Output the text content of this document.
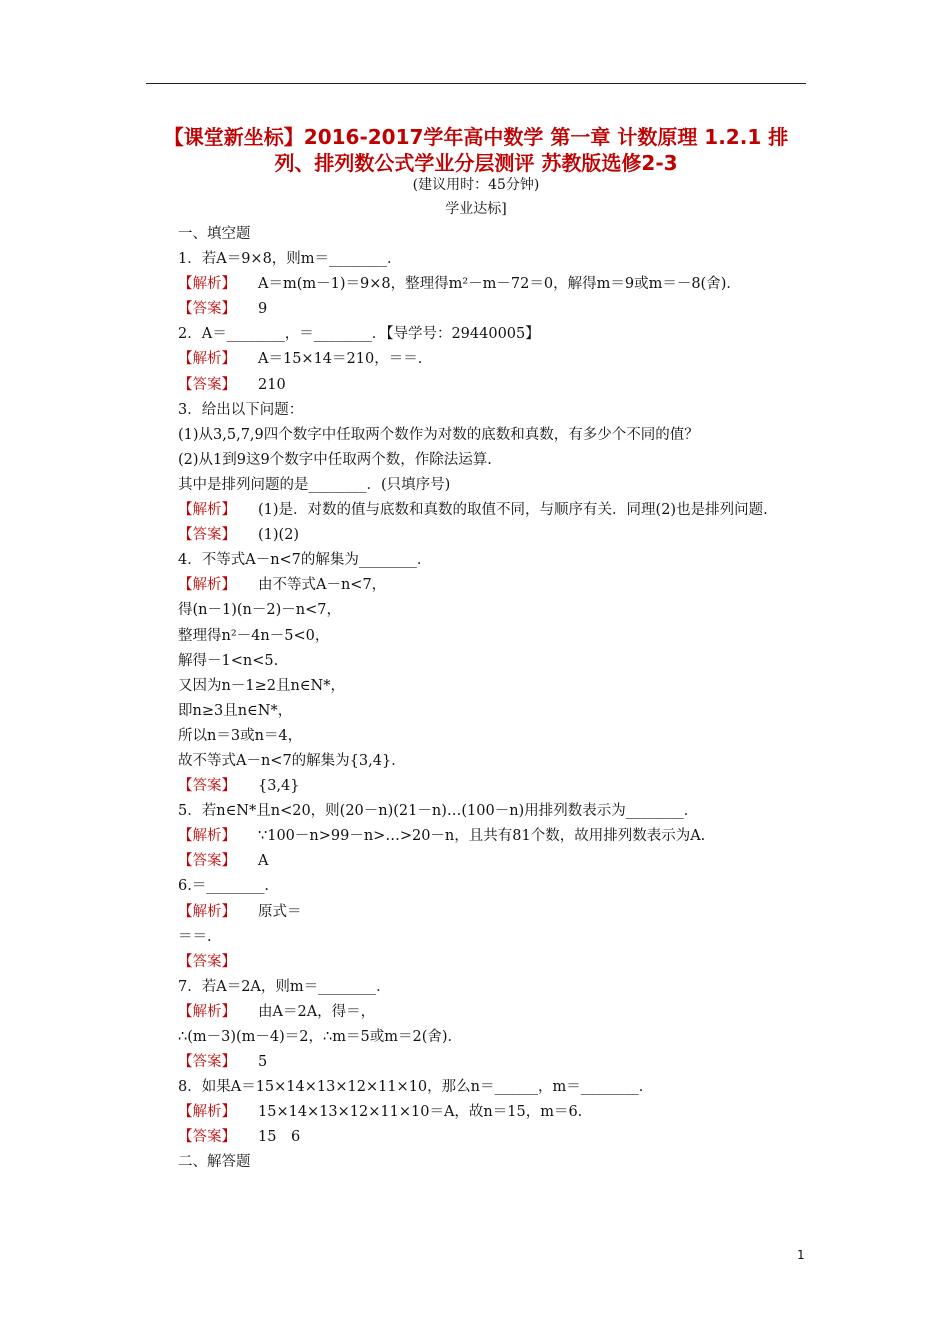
【课堂新坐标】2016-2017学年高中数学 第一章 计数原理 1.2.1 排
列、排列数公式学业分层测评 苏教版选修2-3
(建议用时：45分钟)
学业达标]
一、填空题
1．若A＝9×8，则m＝________．
【解析】 A＝m(m－1)＝9×8，整理得m²－m－72＝0，解得m＝9或m＝－8(舍)．
【答案】 9
2．A＝________，＝________．【导学号：29440005】
【解析】 A＝15×14＝210，＝＝.
【答案】 210
3．给出以下问题：
(1)从3,5,7,9四个数字中任取两个数作为对数的底数和真数，有多少个不同的值？
(2)从1到9这9个数字中任取两个数，作除法运算.
其中是排列问题的是________．(只填序号)
【解析】 (1)是．对数的值与底数和真数的取值不同，与顺序有关．同理(2)也是排列问题.
【答案】 (1)(2)
4．不等式A－n<7的解集为________．
【解析】 由不等式A－n<7，
得(n－1)(n－2)－n<7，
整理得n²－4n－5<0，
解得－1<n<5.
又因为n－1≥2且n∈N*，
即n≥3且n∈N*，
所以n＝3或n＝4，
故不等式A－n<7的解集为{3,4}．
【答案】 {3,4}
5．若n∈N*且n<20，则(20－n)(21－n)…(100－n)用排列数表示为________．
【解析】 ∵100－n>99－n>…>20－n，且共有81个数，故用排列数表示为A.
【答案】 A
6.＝________.
【解析】 原式＝
＝＝.
【答案】
7．若A＝2A，则m＝________．
【解析】 由A＝2A，得＝，
∴(m－3)(m－4)＝2，∴m＝5或m＝2(舍)．
【答案】 5
8．如果A＝15×14×13×12×11×10，那么n＝______，m＝________．
【解析】 15×14×13×12×11×10＝A，故n＝15，m＝6.
【答案】 15　6
二、解答题
1
